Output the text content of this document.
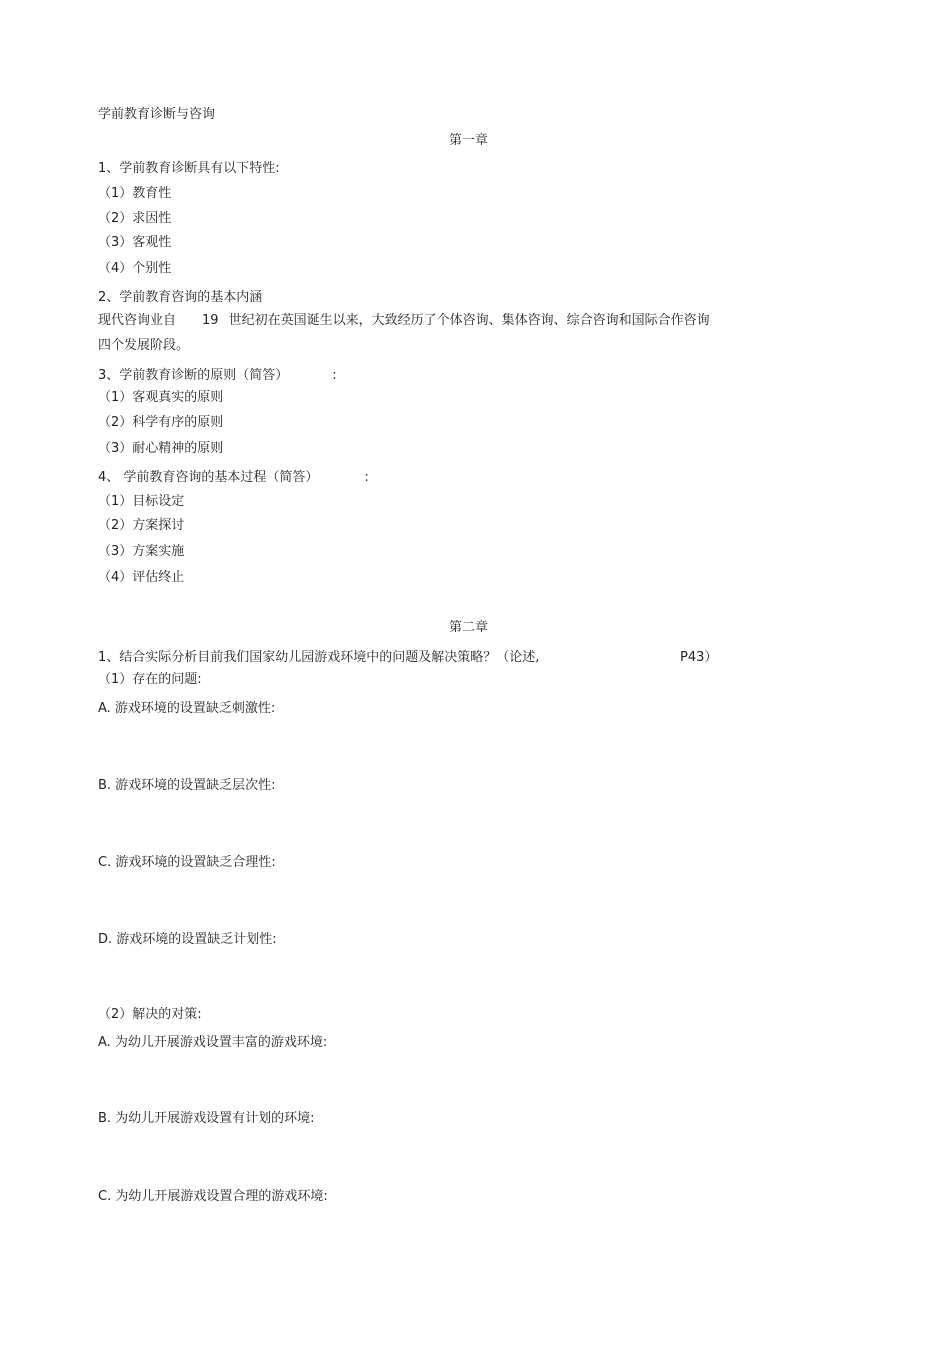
学前教育诊断与咨询
第一章
1、学前教育诊断具有以下特性:
（1）教育性
（2）求因性
（3）客观性
（4）个别性
2、学前教育咨询的基本内涵
现代咨询业自 19 世纪初在英国诞生以来，大致经历了个体咨询、集体咨询、综合咨询和国际合作咨询
四个发展阶段。
3、学前教育诊断的原则（简答）	:
（1）客观真实的原则
（2）科学有序的原则
（3）耐心精神的原则
4、 学前教育咨询的基本过程（简答）	:
（1）目标设定
（2）方案探讨
（3）方案实施
（4）评估终止
第二章
1、结合实际分析目前我们国家幼儿园游戏环境中的问题及解决策略？（论述,	P43）
（1）存在的问题:
A. 游戏环境的设置缺乏刺激性:
B. 游戏环境的设置缺乏层次性:
C. 游戏环境的设置缺乏合理性:
D. 游戏环境的设置缺乏计划性:
（2）解决的对策:
A. 为幼儿开展游戏设置丰富的游戏环境:
B. 为幼儿开展游戏设置有计划的环境:
C. 为幼儿开展游戏设置合理的游戏环境:
